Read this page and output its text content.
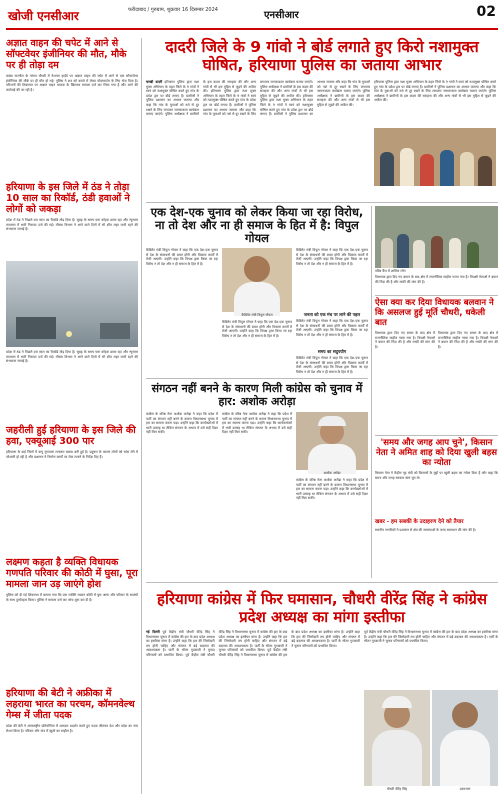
खोजी एनसीआर	फरीदाबाद / गुरुग्राम, शुक्रवार 16 दिसम्बर 2024	एनसीआर	02
अज्ञात वाहन की चपेट में आने से सॉफ्टवेयर इंजीनियर की मौत, मौके पर ही तोड़ा दम
कस्बा नारनौल के नांगल चौधरी में नेशनल हाईवे पर अज्ञात वाहन की चपेट में आने से एक सॉफ्टवेयर इंजीनियर की मौके पर ही मौत हो गई। पुलिस ने शव को कब्जे में लेकर पोस्टमार्टम के लिए भेज दिया है। परिजनों की शिकायत पर अज्ञात वाहन चालक के खिलाफ मामला दर्ज कर लिया गया है और आगे की कार्रवाई की जा रही है।
हरियाणा के इस जिले में ठंड ने तोड़ा 10 साल का रिकॉर्ड, ठंडी हवाओं ने लोगों को जकड़ा
प्रदेश में ठंड ने पिछले दस साल का रिकॉर्ड तोड़ दिया है। सुबह के समय घना कोहरा छाया रहा और न्यूनतम तापमान में भारी गिरावट दर्ज की गई। मौसम विभाग ने आने वाले दिनों में भी शीत लहर जारी रहने की संभावना जताई है।
प्रदेश में ठंड ने पिछले दस साल का रिकॉर्ड तोड़ दिया है। सुबह के समय घना कोहरा छाया रहा और न्यूनतम तापमान में भारी गिरावट दर्ज की गई। मौसम विभाग ने आने वाले दिनों में भी शीत लहर जारी रहने की संभावना जताई है।
जहरीली हुई हरियाणा के इस जिले की हवा, एक्यूआई 300 पार
हरियाणा के कई जिलों में वायु गुणवत्ता लगातार खराब बनी हुई है। प्रदूषण के कारण लोगों को सांस लेने में परेशानी हो रही है और प्रशासन ने निर्माण कार्यों पर रोक लगाने के निर्देश दिए हैं।
लक्ष्मण कहता है व्यक्ति विधायक गणपति परिवार की कोठी में घुसा, पूरा मामला जान उड़ जाएंगे होश
पुलिस को दी गई शिकायत में बताया गया कि एक व्यक्ति जबरन कोठी में घुस आया और परिवार के सदस्यों के साथ दुर्व्यवहार किया। पुलिस ने मामला दर्ज कर जांच शुरू कर दी है।
हरियाणा की बेटी ने अफ्रीका में लहराया भारत का परचम, कॉमनवेल्थ गेम्स में जीता पदक
प्रदेश की बेटी ने अंतरराष्ट्रीय प्रतियोगिता में शानदार प्रदर्शन करते हुए पदक जीतकर देश और प्रदेश का नाम रोशन किया है। परिवार और गांव में खुशी का माहौल है।
दादरी जिले के 9 गांवो ने बोर्ड लगाते हुए किरो नशामुक्त घोषित, हरियाणा पुलिस का जताया आभार
चरखी दादरी हरियाणा पुलिस द्वारा नशा मुक्त अभियान के तहत जिले के 9 गांवों ने स्वयं को नशामुक्त घोषित करते हुए गांव के प्रवेश द्वार पर बोर्ड लगाए हैं। ग्रामीणों ने पुलिस प्रशासन का आभार जताया और कहा कि गांव के युवाओं को नशे से दूर रखने के लिए लगातार जागरूकता कार्यक्रम चलाए जाएंगे। पुलिस अधीक्षक ने ग्रामीणों के इस कदम की सराहना की और अन्य गांवों से भी इस मुहिम से जुड़ने की अपील की। हरियाणा पुलिस द्वारा नशा मुक्त अभियान के तहत जिले के 9 गांवों ने स्वयं को नशामुक्त घोषित करते हुए गांव के प्रवेश द्वार पर बोर्ड लगाए हैं। ग्रामीणों ने पुलिस प्रशासन का आभार जताया और कहा कि गांव के युवाओं को नशे से दूर रखने के लिए लगातार जागरूकता कार्यक्रम चलाए जाएंगे। पुलिस अधीक्षक ने ग्रामीणों के इस कदम की सराहना की और अन्य गांवों से भी इस मुहिम से जुड़ने की अपील की। हरियाणा पुलिस द्वारा नशा मुक्त अभियान के तहत जिले के 9 गांवों ने स्वयं को नशामुक्त घोषित करते हुए गांव के प्रवेश द्वार पर बोर्ड लगाए हैं। ग्रामीणों ने पुलिस प्रशासन का आभार जताया और कहा कि गांव के युवाओं को नशे से दूर रखने के लिए लगातार जागरूकता कार्यक्रम चलाए जाएंगे। पुलिस अधीक्षक ने ग्रामीणों के इस कदम की सराहना की और अन्य गांवों से भी इस मुहिम से जुड़ने की अपील की।
हरियाणा पुलिस द्वारा नशा मुक्त अभियान के तहत जिले के 9 गांवों ने स्वयं को नशामुक्त घोषित करते हुए गांव के प्रवेश द्वार पर बोर्ड लगाए हैं। ग्रामीणों ने पुलिस प्रशासन का आभार जताया और कहा कि गांव के युवाओं को नशे से दूर रखने के लिए लगातार जागरूकता कार्यक्रम चलाए जाएंगे। पुलिस अधीक्षक ने ग्रामीणों के इस कदम की सराहना की और अन्य गांवों से भी इस मुहिम से जुड़ने की अपील की।
एक देश-एक चुनाव को लेकर किया जा रहा विरोध, ना तो देश और ना ही समाज के हित में है: विपुल गोयल
कैबिनेट मंत्री विपुल गोयल ने कहा कि एक देश-एक चुनाव से देश के संसाधनों की बचत होगी और विकास कार्यों में तेजी आएगी। उन्होंने कहा कि विपक्ष द्वारा किया जा रहा विरोध न तो देश और न ही समाज के हित में है।
कैबिनेट मंत्री विपुल गोयल
कैबिनेट मंत्री विपुल गोयल ने कहा कि एक देश-एक चुनाव से देश के संसाधनों की बचत होगी और विकास कार्यों में तेजी आएगी। उन्होंने कहा कि विपक्ष द्वारा किया जा रहा विरोध न तो देश और न ही समाज के हित में है।
कैबिनेट मंत्री विपुल गोयल ने कहा कि एक देश-एक चुनाव से देश के संसाधनों की बचत होगी और विकास कार्यों में तेजी आएगी। उन्होंने कहा कि विपक्ष द्वारा किया जा रहा विरोध न तो देश और न ही समाज के हित में है।
जनता को एक मंच पर लाने की पहल
कैबिनेट मंत्री विपुल गोयल ने कहा कि एक देश-एक चुनाव से देश के संसाधनों की बचत होगी और विकास कार्यों में तेजी आएगी। उन्होंने कहा कि विपक्ष द्वारा किया जा रहा विरोध न तो देश और न ही समाज के हित में है।
समय का सदुपयोग
कैबिनेट मंत्री विपुल गोयल ने कहा कि एक देश-एक चुनाव से देश के संसाधनों की बचत होगी और विकास कार्यों में तेजी आएगी। उन्होंने कहा कि विपक्ष द्वारा किया जा रहा विरोध न तो देश और न ही समाज के हित में है।
संगठन नहीं बनने के कारण मिली कांग्रेस को चुनाव में हार: अशोक अरोड़ा
कांग्रेस के वरिष्ठ नेता अशोक अरोड़ा ने कहा कि प्रदेश में पार्टी का संगठन नहीं बनने के कारण विधानसभा चुनाव में हार का सामना करना पड़ा। उन्होंने कहा कि कार्यकर्ताओं में भारी उत्साह था लेकिन संगठन के अभाव में उसे सही दिशा नहीं मिल सकी।
कांग्रेस के वरिष्ठ नेता अशोक अरोड़ा ने कहा कि प्रदेश में पार्टी का संगठन नहीं बनने के कारण विधानसभा चुनाव में हार का सामना करना पड़ा। उन्होंने कहा कि कार्यकर्ताओं में भारी उत्साह था लेकिन संगठन के अभाव में उसे सही दिशा नहीं मिल सकी।
अशोक अरोड़ा
कांग्रेस के वरिष्ठ नेता अशोक अरोड़ा ने कहा कि प्रदेश में पार्टी का संगठन नहीं बनने के कारण विधानसभा चुनाव में हार का सामना करना पड़ा। उन्होंने कहा कि कार्यकर्ताओं में भारी उत्साह था लेकिन संगठन के अभाव में उसे सही दिशा नहीं मिल सकी।
वरिष्ठ कैंप में शामिल लोग
विधायक द्वारा दिए गए बयान के बाद क्षेत्र में राजनीतिक माहौल गरमा गया है। विपक्षी नेताओं ने बयान की निंदा की है और माफी की मांग की है।
ऐसा क्या कर दिया विधायक बलवान ने कि असलज हुई मूर्ति चौधरी, धकेली बात
विधायक द्वारा दिए गए बयान के बाद क्षेत्र में राजनीतिक माहौल गरमा गया है। विपक्षी नेताओं ने बयान की निंदा की है और माफी की मांग की है।
विधायक द्वारा दिए गए बयान के बाद क्षेत्र में राजनीतिक माहौल गरमा गया है। विपक्षी नेताओं ने बयान की निंदा की है और माफी की मांग की है।
'समय और जगह आप चुने', किसान नेता ने अमित शाह को दिया खुली बहस का न्योता
किसान नेता ने केंद्रीय गृह मंत्री को किसानों के मुद्दों पर खुली बहस का न्योता दिया है और कहा कि समय और जगह सरकार स्वयं चुन ले।
खबर - हम सबकी के उदाहरण देने को तैयार
स्थानीय नागरिकों ने प्रशासन से क्षेत्र की समस्याओं के जल्द समाधान की मांग की है।
हरियाणा कांग्रेस में फिर घमासान, चौधरी वीरेंद्र सिंह ने कांग्रेस प्रदेश अध्यक्ष का मांगा इस्तीफा
नई दिल्ली पूर्व केंद्रीय मंत्री चौधरी वीरेंद्र सिंह ने विधानसभा चुनाव में कांग्रेस की हार के बाद प्रदेश अध्यक्ष का इस्तीफा मांगा है। उन्होंने कहा कि हार की जिम्मेदारी तय होनी चाहिए और संगठन में बड़े बदलाव की आवश्यकता है। पार्टी के भीतर गुटबाजी ने चुनाव परिणामों को प्रभावित किया। पूर्व केंद्रीय मंत्री चौधरी वीरेंद्र सिंह ने विधानसभा चुनाव में कांग्रेस की हार के बाद प्रदेश अध्यक्ष का इस्तीफा मांगा है। उन्होंने कहा कि हार की जिम्मेदारी तय होनी चाहिए और संगठन में बड़े बदलाव की आवश्यकता है। पार्टी के भीतर गुटबाजी ने चुनाव परिणामों को प्रभावित किया। पूर्व केंद्रीय मंत्री चौधरी वीरेंद्र सिंह ने विधानसभा चुनाव में कांग्रेस की हार के बाद प्रदेश अध्यक्ष का इस्तीफा मांगा है। उन्होंने कहा कि हार की जिम्मेदारी तय होनी चाहिए और संगठन में बड़े बदलाव की आवश्यकता है। पार्टी के भीतर गुटबाजी ने चुनाव परिणामों को प्रभावित किया।
पूर्व केंद्रीय मंत्री चौधरी वीरेंद्र सिंह ने विधानसभा चुनाव में कांग्रेस की हार के बाद प्रदेश अध्यक्ष का इस्तीफा मांगा है। उन्होंने कहा कि हार की जिम्मेदारी तय होनी चाहिए और संगठन में बड़े बदलाव की आवश्यकता है। पार्टी के भीतर गुटबाजी ने चुनाव परिणामों को प्रभावित किया।
चौधरी वीरेंद्र सिंह	उदयभान
